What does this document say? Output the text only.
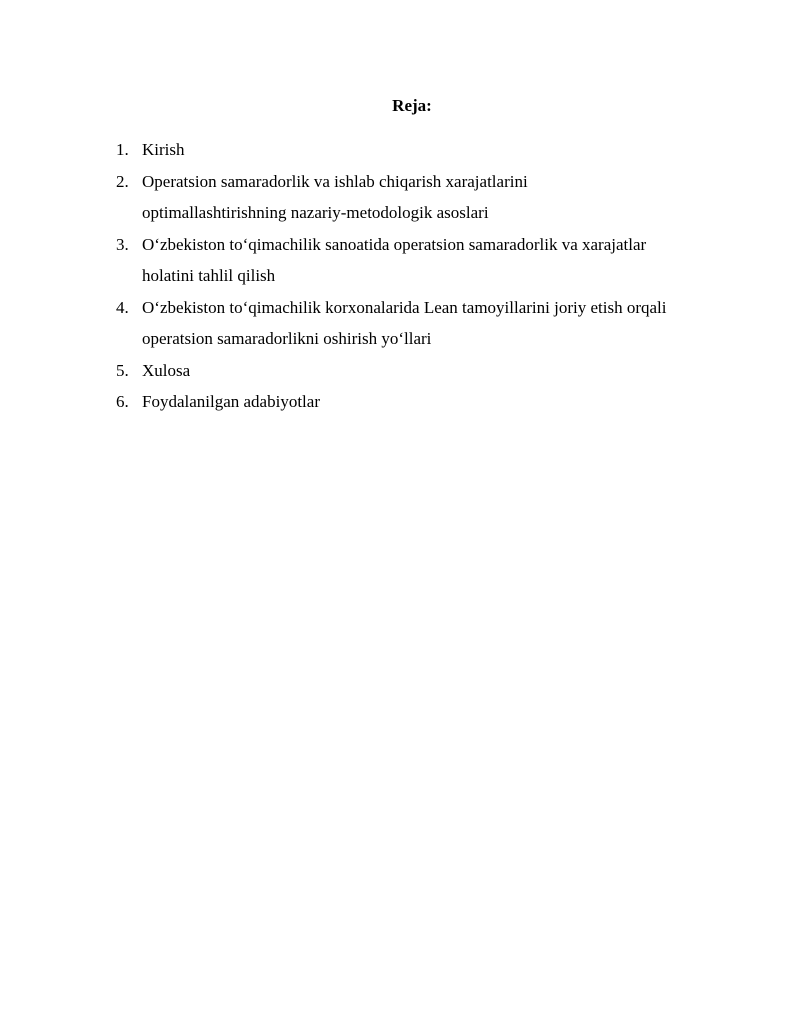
Reja:
1. Kirish
2. Operatsion samaradorlik va ishlab chiqarish xarajatlarini optimallashtirishning nazariy-metodologik asoslari
3. O‘zbekiston to‘qimachilik sanoatida operatsion samaradorlik va xarajatlar holatini tahlil qilish
4. O‘zbekiston to‘qimachilik korxonalarida Lean tamoyillarini joriy etish orqali operatsion samaradorlikni oshirish yo‘llari
5. Xulosa
6. Foydalanilgan adabiyotlar
